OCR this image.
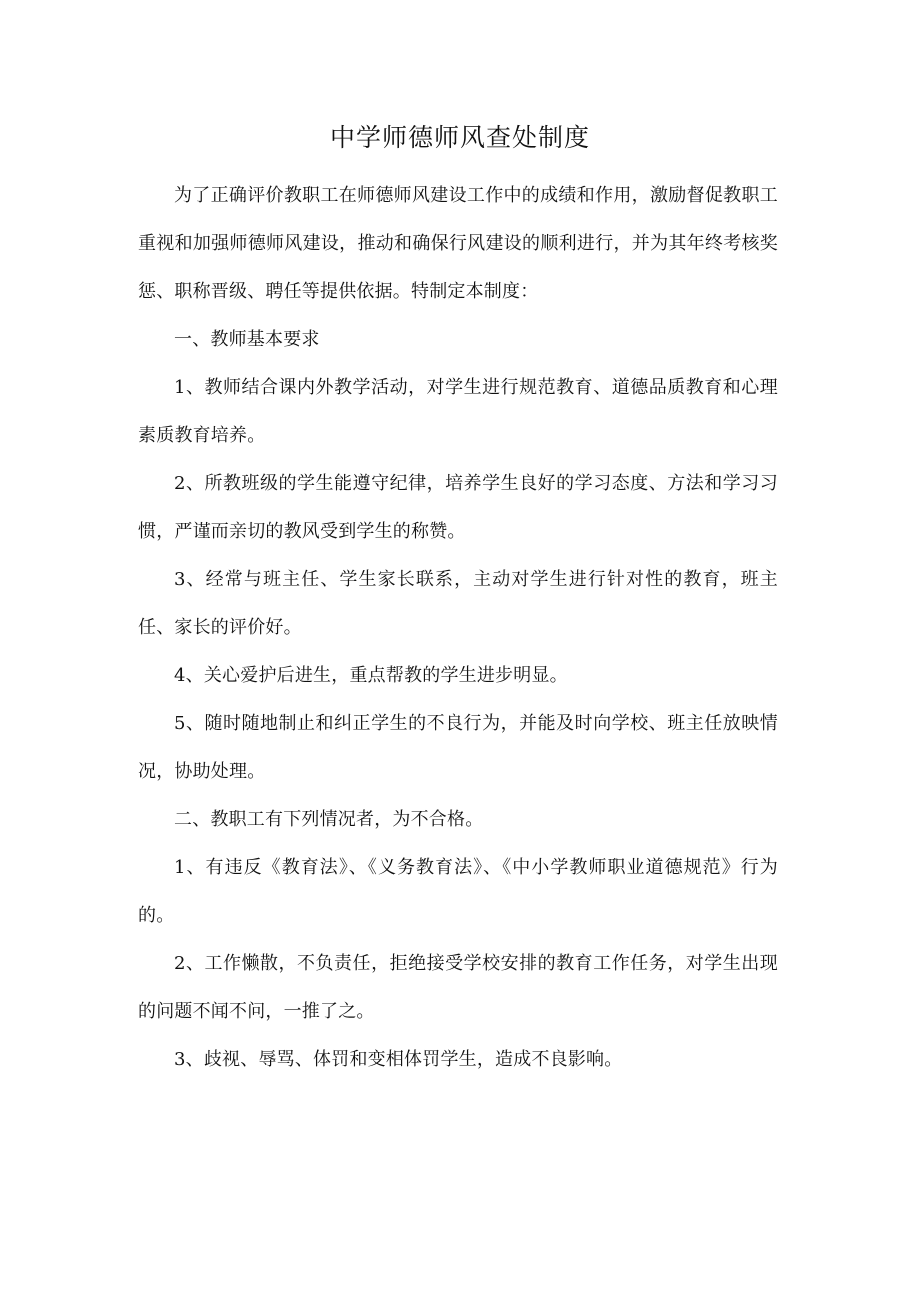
中学师德师风查处制度

为了正确评价教职工在师德师风建设工作中的成绩和作用，激励督促教职工重视和加强师德师风建设，推动和确保行风建设的顺利进行，并为其年终考核奖惩、职称晋级、聘任等提供依据。特制定本制度：

一、教师基本要求

1、教师结合课内外教学活动，对学生进行规范教育、道德品质教育和心理素质教育培养。

2、所教班级的学生能遵守纪律，培养学生良好的学习态度、方法和学习习惯，严谨而亲切的教风受到学生的称赞。

3、经常与班主任、学生家长联系，主动对学生进行针对性的教育，班主任、家长的评价好。

4、关心爱护后进生，重点帮教的学生进步明显。

5、随时随地制止和纠正学生的不良行为，并能及时向学校、班主任放映情况，协助处理。

二、教职工有下列情况者，为不合格。

1、有违反《教育法》、《义务教育法》、《中小学教师职业道德规范》行为的。

2、工作懒散，不负责任，拒绝接受学校安排的教育工作任务，对学生出现的问题不闻不问，一推了之。

3、歧视、辱骂、体罚和变相体罚学生，造成不良影响。
